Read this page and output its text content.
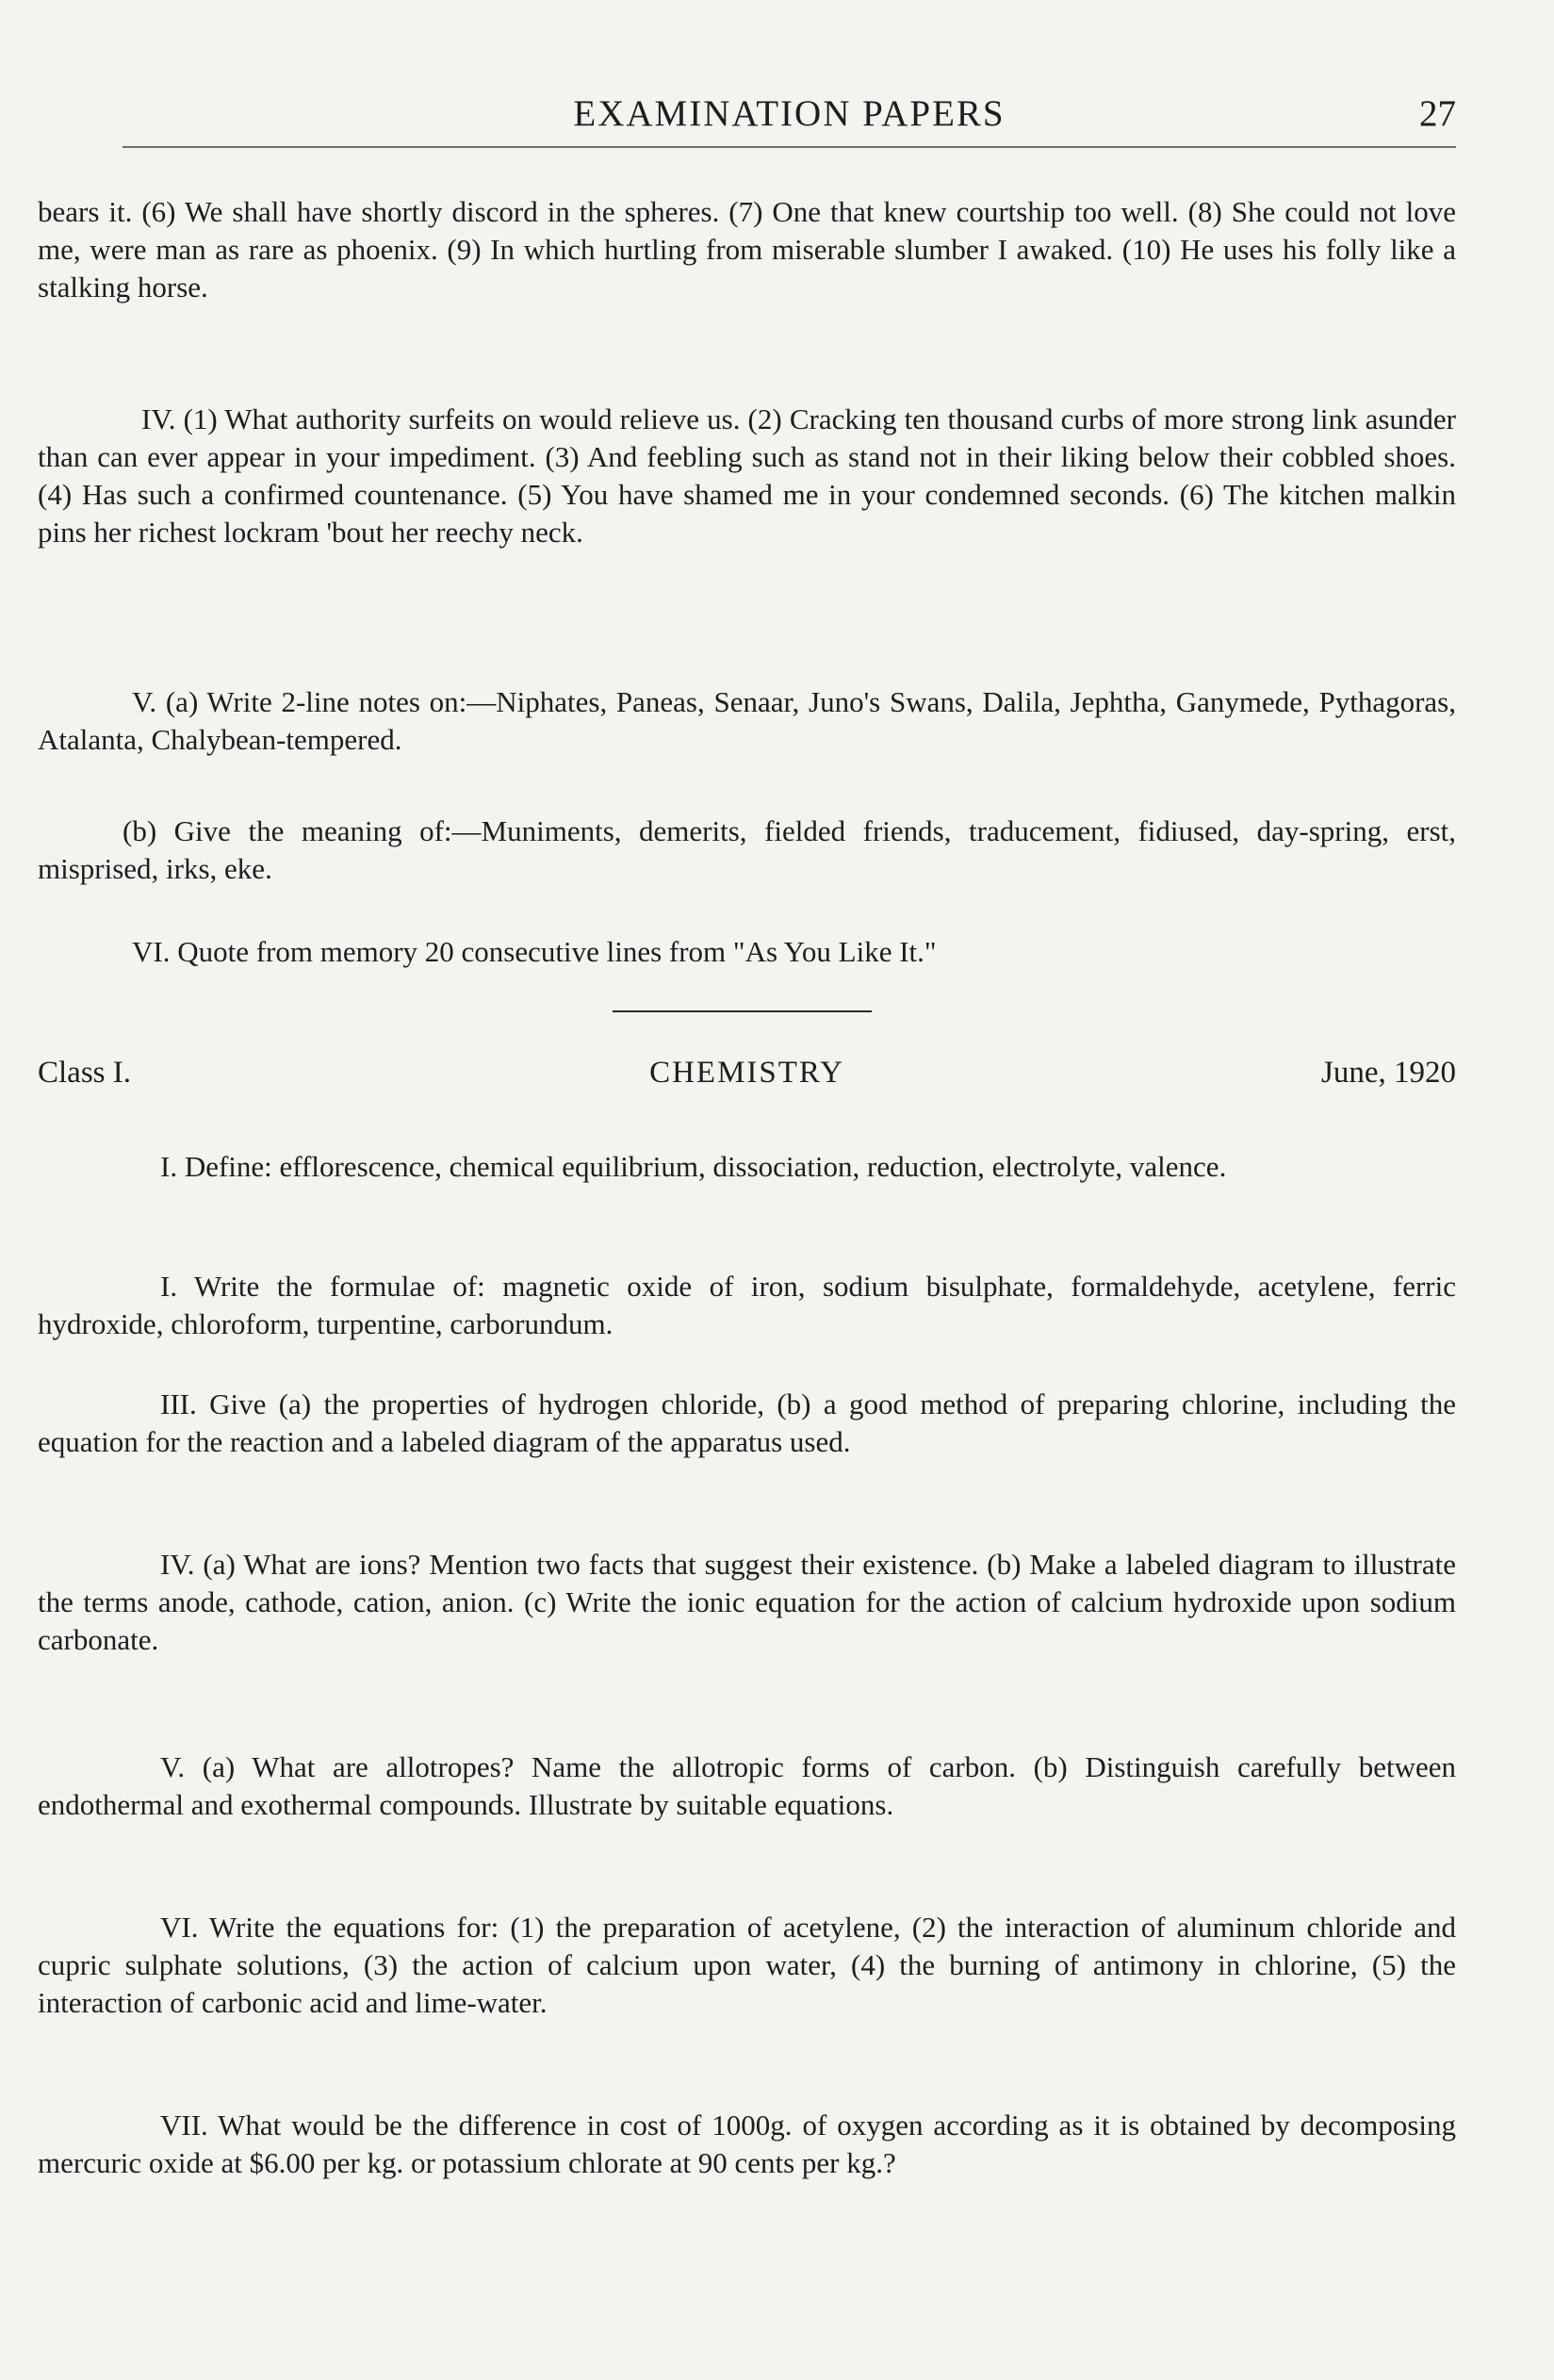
EXAMINATION PAPERS	27
bears it. (6) We shall have shortly discord in the spheres. (7) One that knew courtship too well. (8) She could not love me, were man as rare as phoenix. (9) In which hurtling from miserable slumber I awaked. (10) He uses his folly like a stalking horse.
IV. (1) What authority surfeits on would relieve us. (2) Cracking ten thousand curbs of more strong link asunder than can ever appear in your impediment. (3) And feebling such as stand not in their liking below their cobbled shoes. (4) Has such a confirmed countenance. (5) You have shamed me in your condemned seconds. (6) The kitchen malkin pins her richest lockram 'bout her reechy neck.
V. (a) Write 2-line notes on:—Niphates, Paneas, Senaar, Juno's Swans, Dalila, Jephtha, Ganymede, Pythagoras, Atalanta, Chalybean-tempered.
(b) Give the meaning of:—Muniments, demerits, fielded friends, traducement, fidiused, day-spring, erst, misprised, irks, eke.
VI. Quote from memory 20 consecutive lines from "As You Like It."
Class I.	CHEMISTRY	June, 1920
I. Define: efflorescence, chemical equilibrium, dissociation, reduction, electrolyte, valence.
I. Write the formulae of: magnetic oxide of iron, sodium bisulphate, formaldehyde, acetylene, ferric hydroxide, chloroform, turpentine, carborundum.
III. Give (a) the properties of hydrogen chloride, (b) a good method of preparing chlorine, including the equation for the reaction and a labeled diagram of the apparatus used.
IV. (a) What are ions? Mention two facts that suggest their existence. (b) Make a labeled diagram to illustrate the terms anode, cathode, cation, anion. (c) Write the ionic equation for the action of calcium hydroxide upon sodium carbonate.
V. (a) What are allotropes? Name the allotropic forms of carbon. (b) Distinguish carefully between endothermal and exothermal compounds. Illustrate by suitable equations.
VI. Write the equations for: (1) the preparation of acetylene, (2) the interaction of aluminum chloride and cupric sulphate solutions, (3) the action of calcium upon water, (4) the burning of antimony in chlorine, (5) the interaction of carbonic acid and lime-water.
VII. What would be the difference in cost of 1000g. of oxygen according as it is obtained by decomposing mercuric oxide at $6.00 per kg. or potassium chlorate at 90 cents per kg.?
